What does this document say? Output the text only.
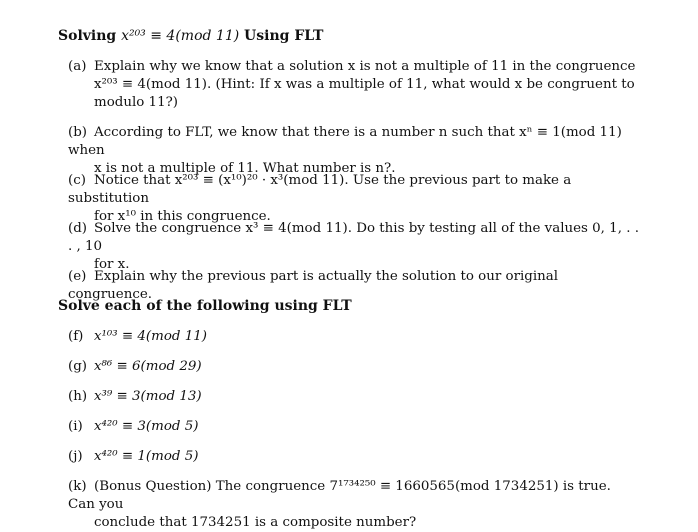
Solving x²⁰³ ≡ 4(mod 11) Using FLT
(a) Explain why we know that a solution x is not a multiple of 11 in the congruence
x²⁰³ ≡ 4(mod 11). (Hint: If x was a multiple of 11, what would x be congruent to
modulo 11?)
(b) According to FLT, we know that there is a number n such that xⁿ ≡ 1(mod 11) when
x is not a multiple of 11. What number is n?.
(c) Notice that x²⁰³ ≡ (x¹⁰)²⁰ · x³(mod 11). Use the previous part to make a substitution
for x¹⁰ in this congruence.
(d) Solve the congruence x³ ≡ 4(mod 11). Do this by testing all of the values 0, 1, . . . , 10
for x.
(e) Explain why the previous part is actually the solution to our original congruence.
Solve each of the following using FLT
(f) x¹⁰³ ≡ 4(mod 11)
(g) x⁸⁶ ≡ 6(mod 29)
(h) x³⁹ ≡ 3(mod 13)
(i) x⁴²⁰ ≡ 3(mod 5)
(j) x⁴²⁰ ≡ 1(mod 5)
(k) (Bonus Question) The congruence 7¹⁷³⁴²⁵⁰ ≡ 1660565(mod 1734251) is true. Can you
conclude that 1734251 is a composite number?
